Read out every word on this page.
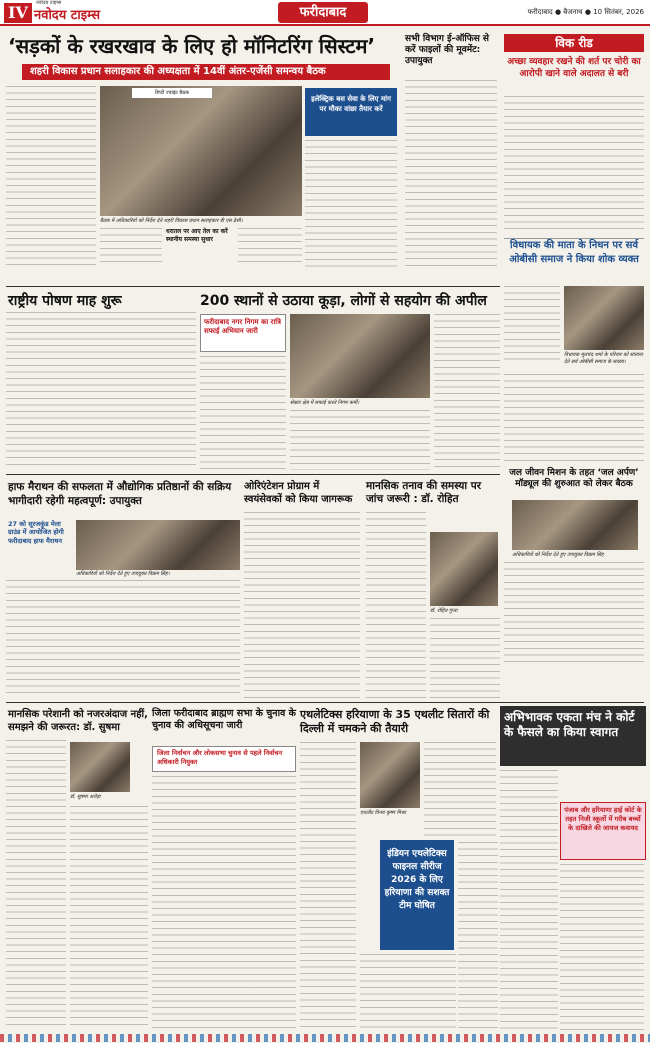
IV नवोदय टाइम्स
नवोदय टाइम्स
फरीदाबाद	फरीदाबाद ● बैजनाथ ● 10 सितंबर, 2026
‘सड़कों के रखरखाव के लिए हो मॉनिटरिंग सिस्टम’
शहरी विकास प्रधान सलाहकार की अध्यक्षता में 14वीं अंतर-एजेंसी समन्वय बैठक
डिप्टी ज्वाइंट बैठक
बैठक में अधिकारियों को निर्देश देते शहरी विकास प्रधान सलाहकार डी एस ढेसी।
इलेक्ट्रिक बस सेवा के लिए मांग पर मौका वांछा तैयार करें
धरातल पर आए तेल का करें स्थानीय समस्या सुधार
सभी विभाग ई-ऑफिस से करें फाइलों की मूवमेंट: उपायुक्त
विक रीड
अच्छा व्यवहार रखने की शर्त पर चोरी का आरोपी खाने वाले अदालत से बरी
विधायक की माता के निधन पर सर्व ओबीसी समाज ने किया शोक व्यक्त
विधायक मूलचंद शर्मा के परिवार को सांत्वना देते सर्व ओबीसी समाज के सदस्य।
जल जीवन मिशन के तहत ‘जल अर्पण’ मॉड्यूल की शुरुआत को लेकर बैठक
अधिकारियों को निर्देश देते हुए उपायुक्त विक्रम सिंह
राष्ट्रीय पोषण माह शुरू	200 स्थानों से उठाया कूड़ा, लोगों से सहयोग की अपील
फरीदाबाद नगर निगम का रात्रि सफाई अभियान जारी
सेक्टर क्षेत्र में सफाई करते निगम कर्मी।
हाफ मैराथन की सफलता में औद्योगिक प्रतिष्ठानों की सक्रिय भागीदारी रहेगी महत्वपूर्ण: उपायुक्त
27 को सूरजकुंड मेला ग्राउंड में आयोजित होगी फरीदाबाद हाफ मैराथन
अधिकारियों को निर्देश देते हुए उपायुक्त विक्रम सिंह।
ओरिएंटेशन प्रोग्राम में स्वयंसेवकों को किया जागरूक
मानसिक तनाव की समस्या पर जांच जरूरी : डॉ. रोहित
डॉ. रोहित गुप्ता
मानसिक परेशानी को नजरअंदाज नहीं, समझने की जरूरत: डॉ. सुषमा
डॉ. सुषमा अरोड़ा
जिला फरीदाबाद ब्राह्मण सभा के चुनाव के चुनाव की अधिसूचना जारी
जिला निर्वाचन और लोकसभा चुनाव से पहले निर्वाचन अधिकारी नियुक्त
एथलेटिक्स हरियाणा के 35 एथलीट सितारों की दिल्ली में चमकने की तैयारी
एथलीट विनय कृष्ण मिश्रा
इंडियन एथलेटिक्स फाइनल सीरीज 2026 के लिए हरियाणा की सशक्त टीम घोषित
अभिभावक एकता मंच ने कोर्ट के फैसले का किया स्वागत
पंजाब और हरियाणा हाई कोर्ट के तहत निजी स्कूलों में गरीब बच्चों के दाखिले की जायज कवायद
